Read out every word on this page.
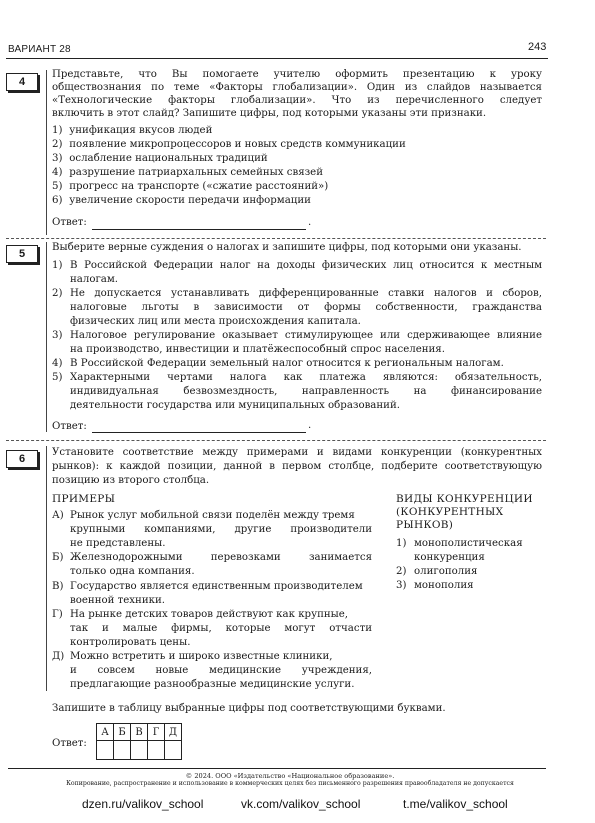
ВАРИАНТ 28	243
4
Представьте, что Вы помогаете учителю оформить презентацию к уроку
обществознания по теме «Факторы глобализации». Один из слайдов называется
«Технологические факторы глобализации». Что из перечисленного следует
включить в этот слайд? Запишите цифры, под которыми указаны эти признаки.
1) унификация вкусов людей
2) появление микропроцессоров и новых средств коммуникации
3) ослабление национальных традиций
4) разрушение патриархальных семейных связей
5) прогресс на транспорте («сжатие расстояний»)
6) увеличение скорости передачи информации
Ответ:	.
5
Выберите верные суждения о налогах и запишите цифры, под которыми они указаны.
1) В Российской Федерации налог на доходы физических лиц относится к местным
налогам.
2) Не допускается устанавливать дифференцированные ставки налогов и сборов,
налоговые льготы в зависимости от формы собственности, гражданства
физических лиц или места происхождения капитала.
3) Налоговое регулирование оказывает стимулирующее или сдерживающее влияние
на производство, инвестиции и платёжеспособный спрос населения.
4) В Российской Федерации земельный налог относится к региональным налогам.
5) Характерными чертами налога как платежа являются: обязательность,
индивидуальная безвозмездность, направленность на финансирование
деятельности государства или муниципальных образований.
Ответ:	.
6
Установите соответствие между примерами и видами конкуренции (конкурентных
рынков): к каждой позиции, данной в первом столбце, подберите соответствующую
позицию из второго столбца.
ПРИМЕРЫ
А) Рынок услуг мобильной связи поделён между тремя
крупными компаниями, другие производители
не представлены.
Б) Железнодорожными перевозками занимается
только одна компания.
В) Государство является единственным производителем
военной техники.
Г) На рынке детских товаров действуют как крупные,
так и малые фирмы, которые могут отчасти
контролировать цены.
Д) Можно встретить и широко известные клиники,
и совсем новые медицинские учреждения,
предлагающие разнообразные медицинские услуги.
ВИДЫ КОНКУРЕНЦИИ
(КОНКУРЕНТНЫХ
РЫНКОВ)
1) монополистическая
конкуренция
2) олигополия
3) монополия
Запишите в таблицу выбранные цифры под соответствующими буквами.
Ответ:
А	Б	В	Г	Д

© 2024. ООО «Издательство «Национальное образование».
Копирование, распространение и использование в коммерческих целях без письменного разрешения правообладателя не допускается
dzen.ru/valikov_school	vk.com/valikov_school	t.me/valikov_school
